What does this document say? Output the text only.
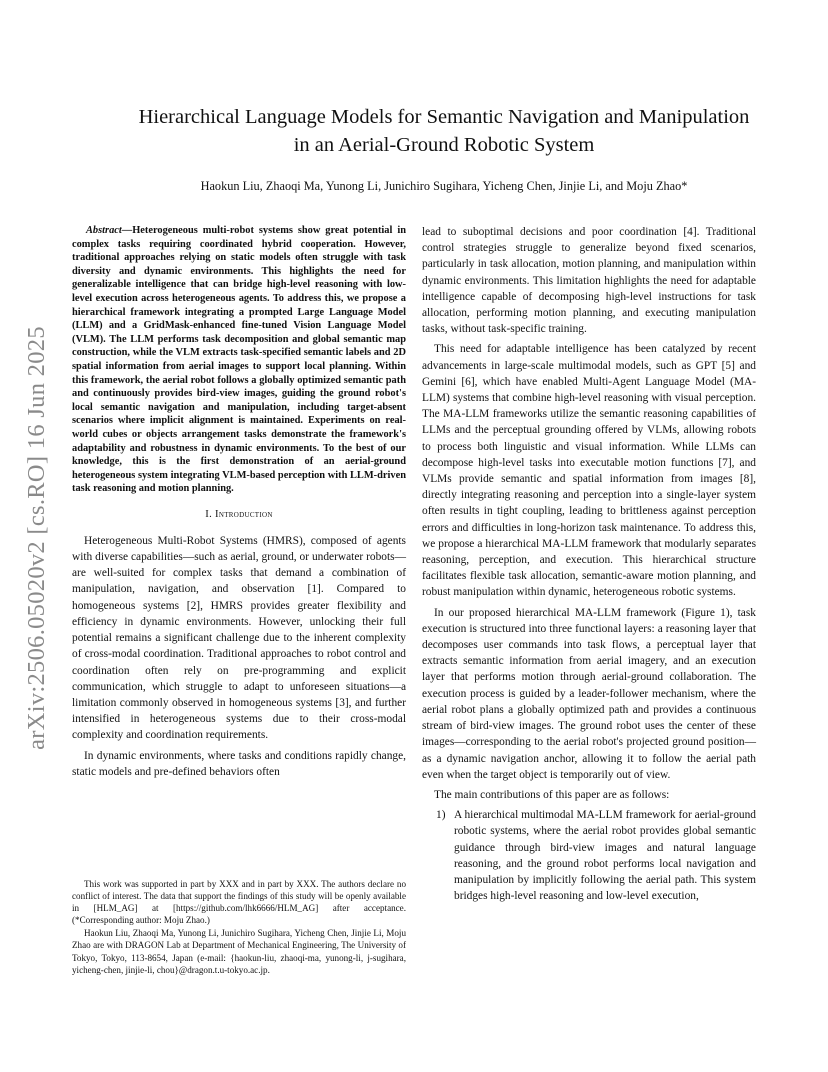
arXiv:2506.05020v2 [cs.RO] 16 Jun 2025
Hierarchical Language Models for Semantic Navigation and Manipulation
in an Aerial-Ground Robotic System
Haokun Liu, Zhaoqi Ma, Yunong Li, Junichiro Sugihara, Yicheng Chen, Jinjie Li, and Moju Zhao*

Abstract—Heterogeneous multi-robot systems show great potential in complex tasks requiring coordinated hybrid cooperation. However, traditional approaches relying on static models often struggle with task diversity and dynamic environments. This highlights the need for generalizable intelligence that can bridge high-level reasoning with low-level execution across heterogeneous agents. To address this, we propose a hierarchical framework integrating a prompted Large Language Model (LLM) and a GridMask-enhanced fine-tuned Vision Language Model (VLM). The LLM performs task decomposition and global semantic map construction, while the VLM extracts task-specified semantic labels and 2D spatial information from aerial images to support local planning. Within this framework, the aerial robot follows a globally optimized semantic path and continuously provides bird-view images, guiding the ground robot's local semantic navigation and manipulation, including target-absent scenarios where implicit alignment is maintained. Experiments on real-world cubes or objects arrangement tasks demonstrate the framework's adaptability and robustness in dynamic environments. To the best of our knowledge, this is the first demonstration of an aerial-ground heterogeneous system integrating VLM-based perception with LLM-driven task reasoning and motion planning.

I. Introduction

Heterogeneous Multi-Robot Systems (HMRS), composed of agents with diverse capabilities—such as aerial, ground, or underwater robots—are well-suited for complex tasks that demand a combination of manipulation, navigation, and observation [1]. Compared to homogeneous systems [2], HMRS provides greater flexibility and efficiency in dynamic environments. However, unlocking their full potential remains a significant challenge due to the inherent complexity of cross-modal coordination. Traditional approaches to robot control and coordination often rely on pre-programming and explicit communication, which struggle to adapt to unforeseen situations—a limitation commonly observed in homogeneous systems [3], and further intensified in heterogeneous systems due to their cross-modal complexity and coordination requirements.

In dynamic environments, where tasks and conditions rapidly change, static models and pre-defined behaviors often

This work was supported in part by XXX and in part by XXX. The authors declare no conflict of interest. The data that support the findings of this study will be openly available in [HLM_AG] at [https://github.com/lhk6666/HLM_AG] after acceptance. (*Corresponding author: Moju Zhao.)

Haokun Liu, Zhaoqi Ma, Yunong Li, Junichiro Sugihara, Yicheng Chen, Jinjie Li, Moju Zhao are with DRAGON Lab at Department of Mechanical Engineering, The University of Tokyo, Tokyo, 113-8654, Japan (e-mail: {haokun-liu, zhaoqi-ma, yunong-li, j-sugihara, yicheng-chen, jinjie-li, chou}@dragon.t.u-tokyo.ac.jp.

lead to suboptimal decisions and poor coordination [4]. Traditional control strategies struggle to generalize beyond fixed scenarios, particularly in task allocation, motion planning, and manipulation within dynamic environments. This limitation highlights the need for adaptable intelligence capable of decomposing high-level instructions for task allocation, performing motion planning, and executing manipulation tasks, without task-specific training.

This need for adaptable intelligence has been catalyzed by recent advancements in large-scale multimodal models, such as GPT [5] and Gemini [6], which have enabled Multi-Agent Language Model (MA-LLM) systems that combine high-level reasoning with visual perception. The MA-LLM frameworks utilize the semantic reasoning capabilities of LLMs and the perceptual grounding offered by VLMs, allowing robots to process both linguistic and visual information. While LLMs can decompose high-level tasks into executable motion functions [7], and VLMs provide semantic and spatial information from images [8], directly integrating reasoning and perception into a single-layer system often results in tight coupling, leading to brittleness against perception errors and difficulties in long-horizon task maintenance. To address this, we propose a hierarchical MA-LLM framework that modularly separates reasoning, perception, and execution. This hierarchical structure facilitates flexible task allocation, semantic-aware motion planning, and robust manipulation within dynamic, heterogeneous robotic systems.

In our proposed hierarchical MA-LLM framework (Figure 1), task execution is structured into three functional layers: a reasoning layer that decomposes user commands into task flows, a perceptual layer that extracts semantic information from aerial imagery, and an execution layer that performs motion through aerial-ground collaboration. The execution process is guided by a leader-follower mechanism, where the aerial robot plans a globally optimized path and provides a continuous stream of bird-view images. The ground robot uses the center of these images—corresponding to the aerial robot's projected ground position—as a dynamic navigation anchor, allowing it to follow the aerial path even when the target object is temporarily out of view.

The main contributions of this paper are as follows:

1) A hierarchical multimodal MA-LLM framework for aerial-ground robotic systems, where the aerial robot provides global semantic guidance through bird-view images and natural language reasoning, and the ground robot performs local navigation and manipulation by implicitly following the aerial path. This system bridges high-level reasoning and low-level execution,
